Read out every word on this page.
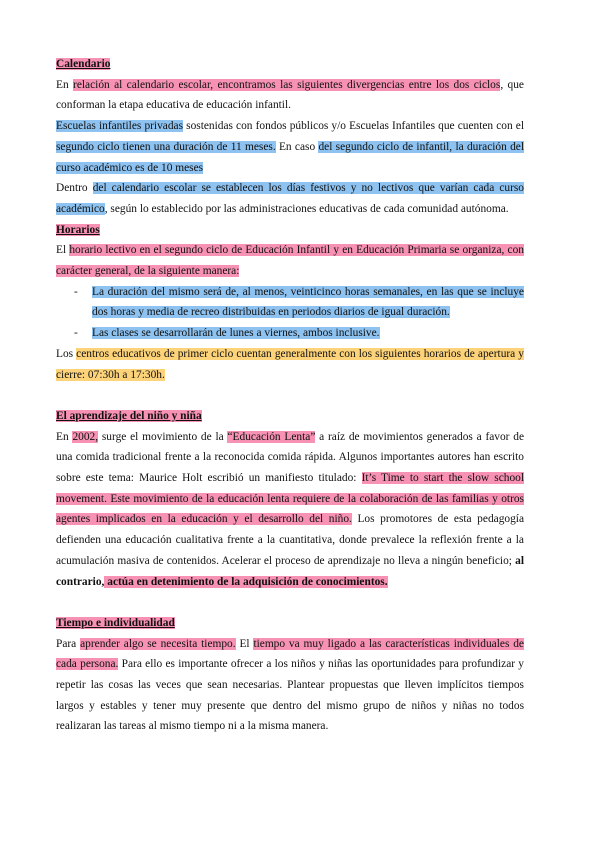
Calendario

En relación al calendario escolar, encontramos las siguientes divergencias entre los dos ciclos, que conforman la etapa educativa de educación infantil.

Escuelas infantiles privadas sostenidas con fondos públicos y/o Escuelas Infantiles que cuenten con el segundo ciclo tienen una duración de 11 meses. En caso del segundo ciclo de infantil, la duración del curso académico es de 10 meses

Dentro del calendario escolar se establecen los días festivos y no lectivos que varían cada curso académico, según lo establecido por las administraciones educativas de cada comunidad autónoma.

Horarios

El horario lectivo en el segundo ciclo de Educación Infantil y en Educación Primaria se organiza, con carácter general, de la siguiente manera:

- La duración del mismo será de, al menos, veinticinco horas semanales, en las que se incluye dos horas y media de recreo distribuidas en periodos diarios de igual duración.
- Las clases se desarrollarán de lunes a viernes, ambos inclusive.

Los centros educativos de primer ciclo cuentan generalmente con los siguientes horarios de apertura y cierre: 07:30h a 17:30h.

El aprendizaje del niño y niña

En 2002, surge el movimiento de la “Educación Lenta” a raíz de movimientos generados a favor de una comida tradicional frente a la reconocida comida rápida. Algunos importantes autores han escrito sobre este tema: Maurice Holt escribió un manifiesto titulado: It’s Time to start the slow school movement. Este movimiento de la educación lenta requiere de la colaboración de las familias y otros agentes implicados en la educación y el desarrollo del niño. Los promotores de esta pedagogía defienden una educación cualitativa frente a la cuantitativa, donde prevalece la reflexión frente a la acumulación masiva de contenidos. Acelerar el proceso de aprendizaje no lleva a ningún beneficio; al contrario, actúa en detenimiento de la adquisición de conocimientos.

Tiempo e individualidad

Para aprender algo se necesita tiempo. El tiempo va muy ligado a las características individuales de cada persona. Para ello es importante ofrecer a los niños y niñas las oportunidades para profundizar y repetir las cosas las veces que sean necesarias. Plantear propuestas que lleven implícitos tiempos largos y estables y tener muy presente que dentro del mismo grupo de niños y niñas no todos realizaran las tareas al mismo tiempo ni a la misma manera.
